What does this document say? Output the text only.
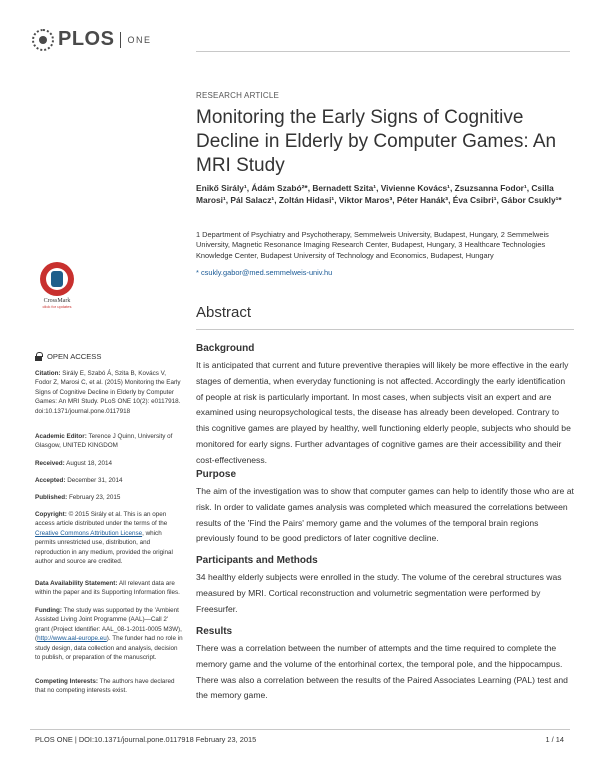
PLOS ONE
RESEARCH ARTICLE
Monitoring the Early Signs of Cognitive Decline in Elderly by Computer Games: An MRI Study
Enikő Sirály¹, Ádám Szabó²*, Bernadett Szita¹, Vivienne Kovács¹, Zsuzsanna Fodor¹, Csilla Marosi¹, Pál Salacz¹, Zoltán Hidasi¹, Viktor Maros³, Péter Hanák³, Éva Csibri¹, Gábor Csukly¹*
1 Department of Psychiatry and Psychotherapy, Semmelweis University, Budapest, Hungary, 2 Semmelweis University, Magnetic Resonance Imaging Research Center, Budapest, Hungary, 3 Healthcare Technologies Knowledge Center, Budapest University of Technology and Economics, Budapest, Hungary
* csukly.gabor@med.semmelweis-univ.hu
Abstract
Background
It is anticipated that current and future preventive therapies will likely be more effective in the early stages of dementia, when everyday functioning is not affected. Accordingly the early identification of people at risk is particularly important. In most cases, when subjects visit an expert and are examined using neuropsychological tests, the disease has already been developed. Contrary to this cognitive games are played by healthy, well functioning elderly people, subjects who should be monitored for early signs. Further advantages of cognitive games are their accessibility and their cost-effectiveness.
Purpose
The aim of the investigation was to show that computer games can help to identify those who are at risk. In order to validate games analysis was completed which measured the correlations between results of the 'Find the Pairs' memory game and the volumes of the temporal brain regions previously found to be good predictors of later cognitive decline.
Participants and Methods
34 healthy elderly subjects were enrolled in the study. The volume of the cerebral structures was measured by MRI. Cortical reconstruction and volumetric segmentation were performed by Freesurfer.
Results
There was a correlation between the number of attempts and the time required to complete the memory game and the volume of the entorhinal cortex, the temporal pole, and the hippocampus. There was also a correlation between the results of the Paired Associates Learning (PAL) test and the memory game.
CrossMark
click for updates
OPEN ACCESS
Citation: Sirály E, Szabó Á, Szita B, Kovács V, Fodor Z, Marosi C, et al. (2015) Monitoring the Early Signs of Cognitive Decline in Elderly by Computer Games: An MRI Study. PLoS ONE 10(2): e0117918. doi:10.1371/journal.pone.0117918
Academic Editor: Terence J Quinn, University of Glasgow, UNITED KINGDOM
Received: August 18, 2014
Accepted: December 31, 2014
Published: February 23, 2015
Copyright: © 2015 Sirály et al. This is an open access article distributed under the terms of the Creative Commons Attribution License, which permits unrestricted use, distribution, and reproduction in any medium, provided the original author and source are credited.
Data Availability Statement: All relevant data are within the paper and its Supporting Information files.
Funding: The study was supported by the 'Ambient Assisted Living Joint Programme (AAL)—Call 2' grant (Project Identifier: AAL_08-1-2011-0005 M3W), (http://www.aal-europe.eu). The funder had no role in study design, data collection and analysis, decision to publish, or preparation of the manuscript.
Competing Interests: The authors have declared that no competing interests exist.
PLOS ONE | DOI:10.1371/journal.pone.0117918 February 23, 2015	1 / 14
